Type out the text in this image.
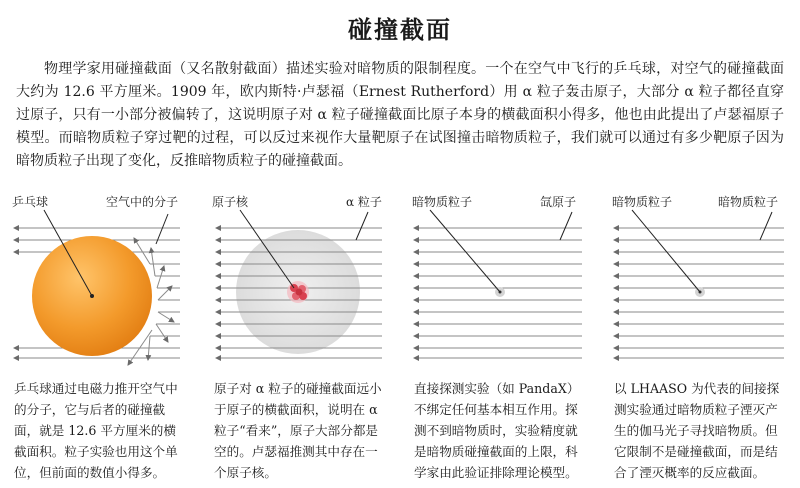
碰撞截面

物理学家用碰撞截面（又名散射截面）描述实验对暗物质的限制程度。一个在空气中飞行的乒乓球，对空气的碰撞截面大约为 12.6 平方厘米。1909 年，欧内斯特·卢瑟福（Ernest Rutherford）用 α 粒子轰击原子，大部分 α 粒子都径直穿过原子，只有一小部分被偏转了，这说明原子对 α 粒子碰撞截面比原子本身的横截面积小得多，他也由此提出了卢瑟福原子模型。而暗物质粒子穿过靶的过程，可以反过来视作大量靶原子在试图撞击暗物质粒子，我们就可以通过有多少靶原子因为暗物质粒子出现了变化，反推暗物质粒子的碰撞截面。

乒乓球	空气中的分子	原子核	α 粒子	暗物质粒子	氙原子	暗物质粒子	暗物质粒子

乒乓球通过电磁力推开空气中的分子，它与后者的碰撞截面，就是 12.6 平方厘米的横截面积。粒子实验也用这个单位，但前面的数值小得多。

原子对 α 粒子的碰撞截面远小于原子的横截面积，说明在 α 粒子“看来”，原子大部分都是空的。卢瑟福推测其中存在一个原子核。

直接探测实验（如 PandaX）不绑定任何基本相互作用。探测不到暗物质时，实验精度就是暗物质碰撞截面的上限，科学家由此验证排除理论模型。

以 LHAASO 为代表的间接探测实验通过暗物质粒子湮灭产生的伽马光子寻找暗物质。但它限制不是碰撞截面，而是结合了湮灭概率的反应截面。
